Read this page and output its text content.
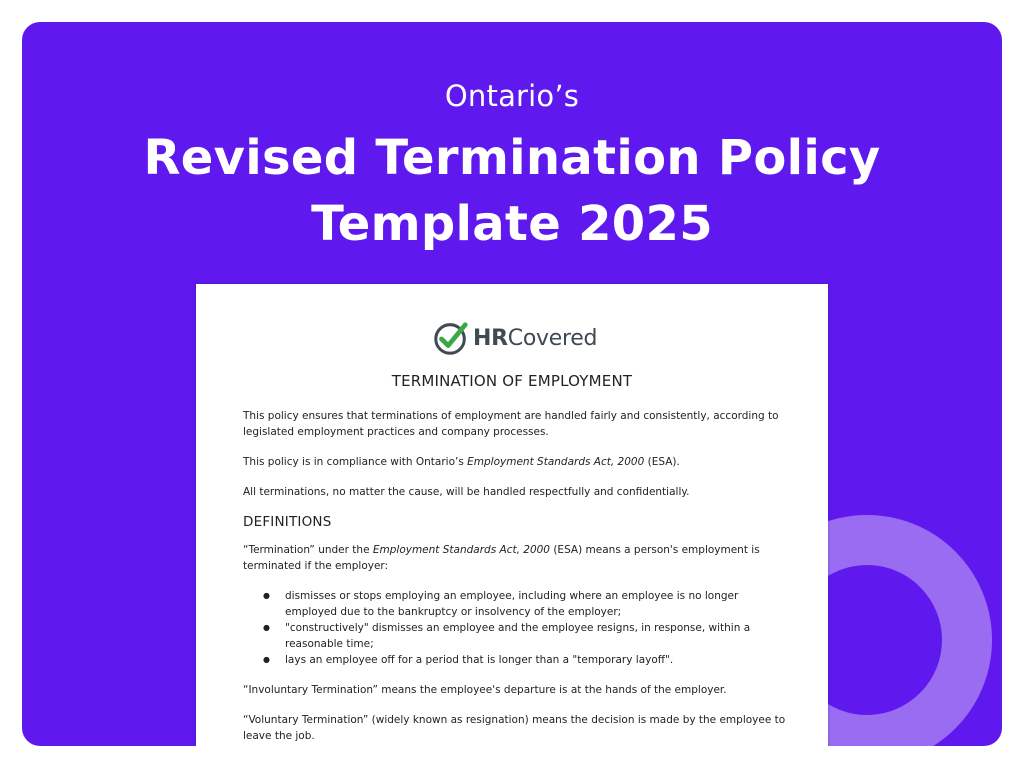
Ontario’s
Revised Termination Policy
Template 2025
HRCovered
TERMINATION OF EMPLOYMENT

This policy ensures that terminations of employment are handled fairly and consistently, according to legislated employment practices and company processes.

This policy is in compliance with Ontario’s Employment Standards Act, 2000 (ESA).

All terminations, no matter the cause, will be handled respectfully and confidentially.

DEFINITIONS

“Termination” under the Employment Standards Act, 2000 (ESA) means a person's employment is terminated if the employer:

● dismisses or stops employing an employee, including where an employee is no longer employed due to the bankruptcy or insolvency of the employer;
● "constructively" dismisses an employee and the employee resigns, in response, within a reasonable time;
● lays an employee off for a period that is longer than a "temporary layoff".

“Involuntary Termination” means the employee's departure is at the hands of the employer.

“Voluntary Termination” (widely known as resignation) means the decision is made by the employee to leave the job.
